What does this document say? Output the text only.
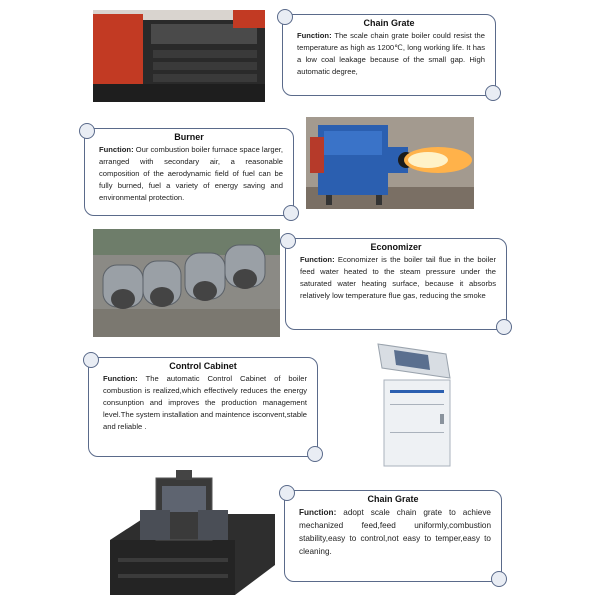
Chain Grate
Function: The scale chain grate boiler could resist the temperature as high as 1200℃, long working life. It has a low coal leakage because of the small gap. High automatic degree,
Burner
Function: Our combustion boiler furnace space larger, arranged with secondary air, a reasonable composition of the aerodynamic field of fuel can be fully burned, fuel a variety of energy saving and environmental protection.
Economizer
Function: Economizer is the boiler tail flue in the boiler feed water heated to the steam pressure under the saturated water heating surface, because it absorbs relatively low temperature flue gas, reducing the smoke
Control Cabinet
Function: The automatic Control Cabinet of boiler combustion is realized,which effectively reduces the energy consunption and improves the production management level.The system installation and maintence isconvent,stable and reliable .
Chain Grate
Function: adopt scale chain grate to achieve mechanized feed,feed uniformly,combustion stability,easy to control,not easy to temper,easy to cleaning.
